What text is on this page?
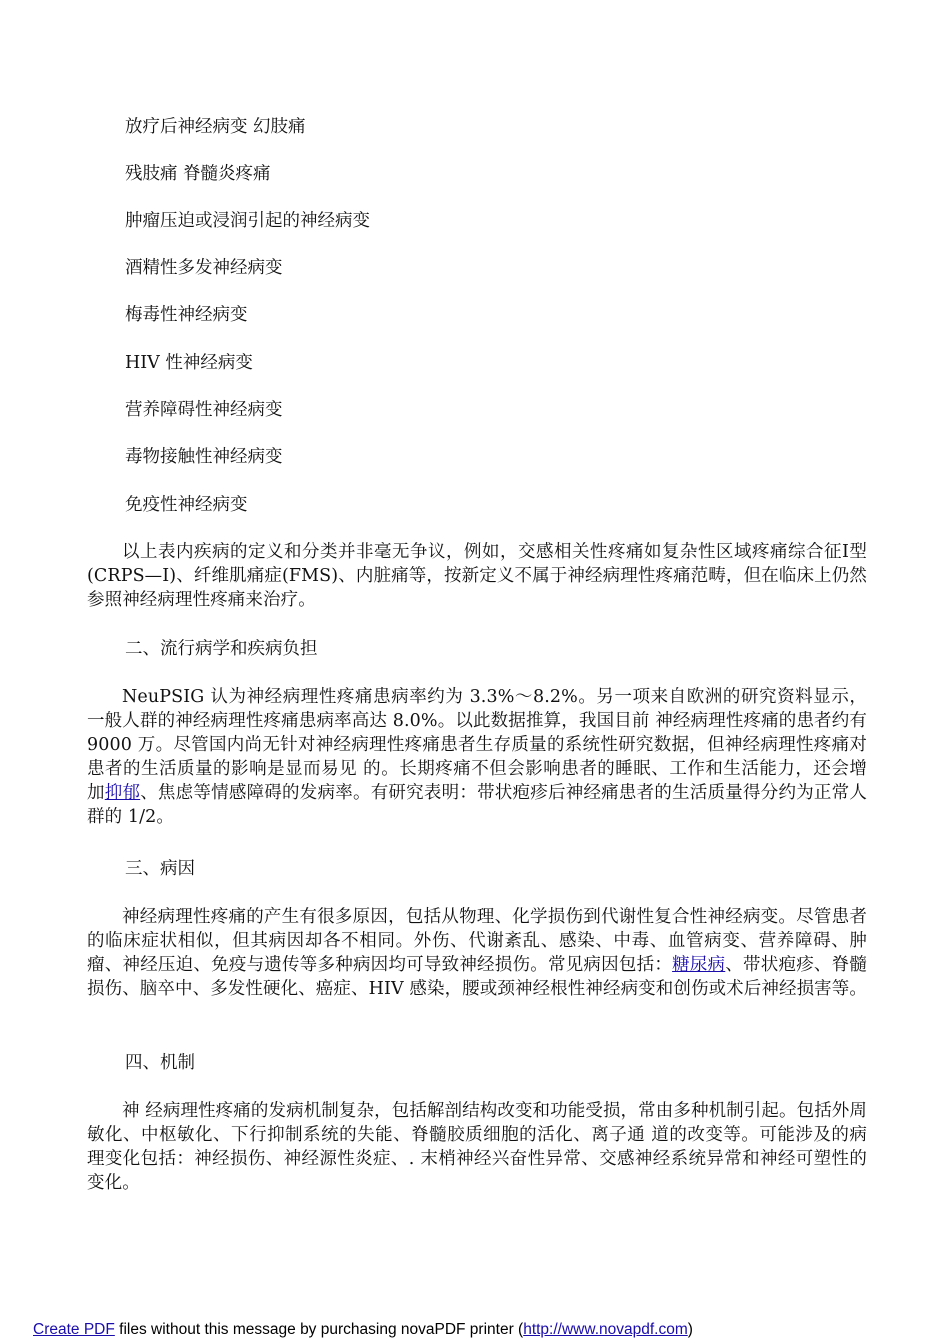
放疗后神经病变 幻肢痛

残肢痛 脊髓炎疼痛

肿瘤压迫或浸润引起的神经病变

酒精性多发神经病变

梅毒性神经病变

HIV 性神经病变

营养障碍性神经病变

毒物接触性神经病变

免疫性神经病变

以上表内疾病的定义和分类并非毫无争议，例如，交感相关性疼痛如复杂性区域疼痛综合征Ⅰ型(CRPS—I)、纤维肌痛症(FMS)、内脏痛等，按新定义不属于神经病理性疼痛范畴，但在临床上仍然参照神经病理性疼痛来治疗。

二、流行病学和疾病负担

NeuPSIG 认为神经病理性疼痛患病率约为 3.3%～8.2%。另一项来自欧洲的研究资料显示，一般人群的神经病理性疼痛患病率高达 8.0%。以此数据推算，我国目前 神经病理性疼痛的患者约有 9000 万。尽管国内尚无针对神经病理性疼痛患者生存质量的系统性研究数据，但神经病理性疼痛对患者的生活质量的影响是显而易见 的。长期疼痛不但会影响患者的睡眠、工作和生活能力，还会增加抑郁、焦虑等情感障碍的发病率。有研究表明：带状疱疹后神经痛患者的生活质量得分约为正常人群的 1/2。

三、病因

神经病理性疼痛的产生有很多原因，包括从物理、化学损伤到代谢性复合性神经病变。尽管患者的临床症状相似，但其病因却各不相同。外伤、代谢紊乱、感染、中毒、血管病变、营养障碍、肿瘤、神经压迫、免疫与遗传等多种病因均可导致神经损伤。常见病因包括：糖尿病、带状疱疹、脊髓损伤、脑卒中、多发性硬化、癌症、HIV 感染，腰或颈神经根性神经病变和创伤或术后神经损害等。

四、机制

神 经病理性疼痛的发病机制复杂，包括解剖结构改变和功能受损，常由多种机制引起。包括外周敏化、中枢敏化、下行抑制系统的失能、脊髓胶质细胞的活化、离子通 道的改变等。可能涉及的病理变化包括：神经损伤、神经源性炎症、. 末梢神经兴奋性异常、交感神经系统异常和神经可塑性的变化。

Create PDF files without this message by purchasing novaPDF printer (http://www.novapdf.com)
